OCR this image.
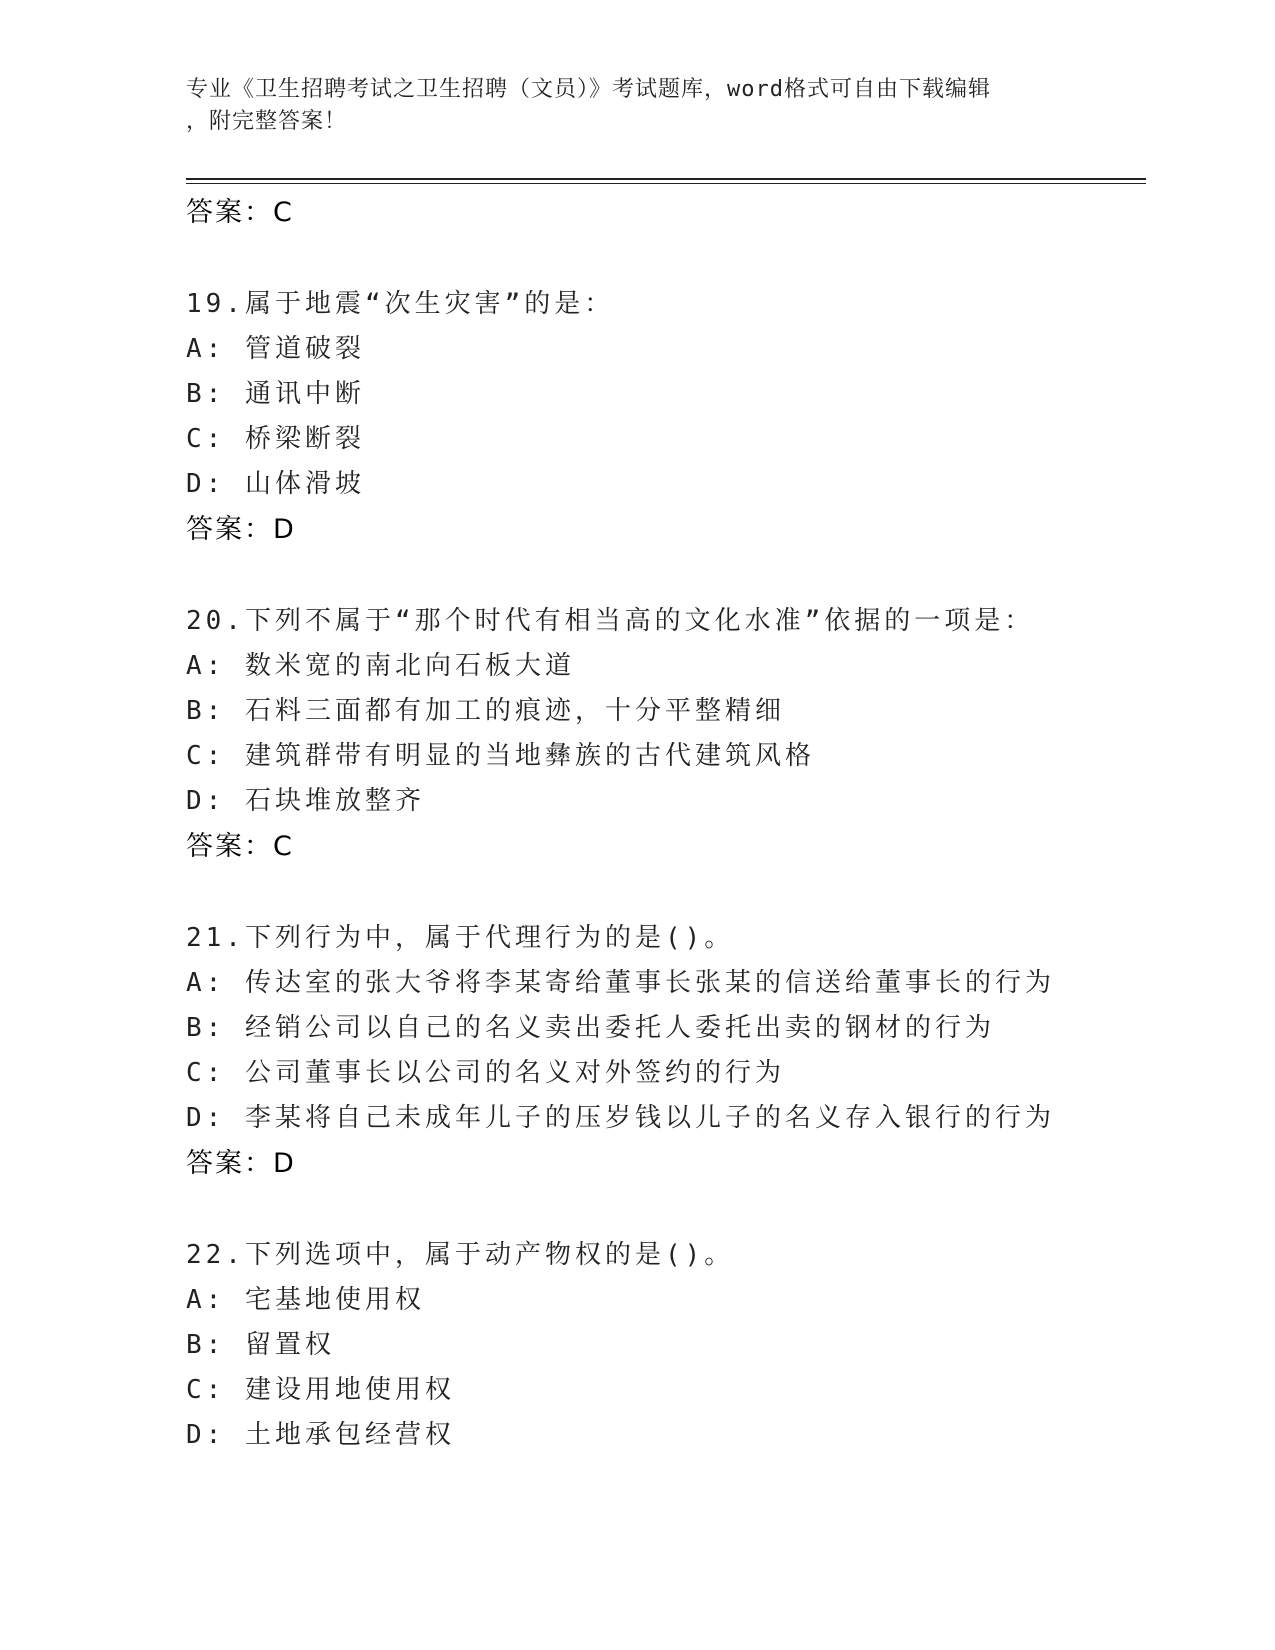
专业《卫生招聘考试之卫生招聘（文员）》考试题库，word格式可自由下载编辑
，附完整答案！
答案：C
19.属于地震“次生灾害”的是：
A: 管道破裂
B: 通讯中断
C: 桥梁断裂
D: 山体滑坡
答案：D
20.下列不属于“那个时代有相当高的文化水准”依据的一项是：
A: 数米宽的南北向石板大道
B: 石料三面都有加工的痕迹，十分平整精细
C: 建筑群带有明显的当地彝族的古代建筑风格
D: 石块堆放整齐
答案：C
21.下列行为中，属于代理行为的是()。
A: 传达室的张大爷将李某寄给董事长张某的信送给董事长的行为
B: 经销公司以自己的名义卖出委托人委托出卖的钢材的行为
C: 公司董事长以公司的名义对外签约的行为
D: 李某将自己未成年儿子的压岁钱以儿子的名义存入银行的行为
答案：D
22.下列选项中，属于动产物权的是()。
A: 宅基地使用权
B: 留置权
C: 建设用地使用权
D: 土地承包经营权
